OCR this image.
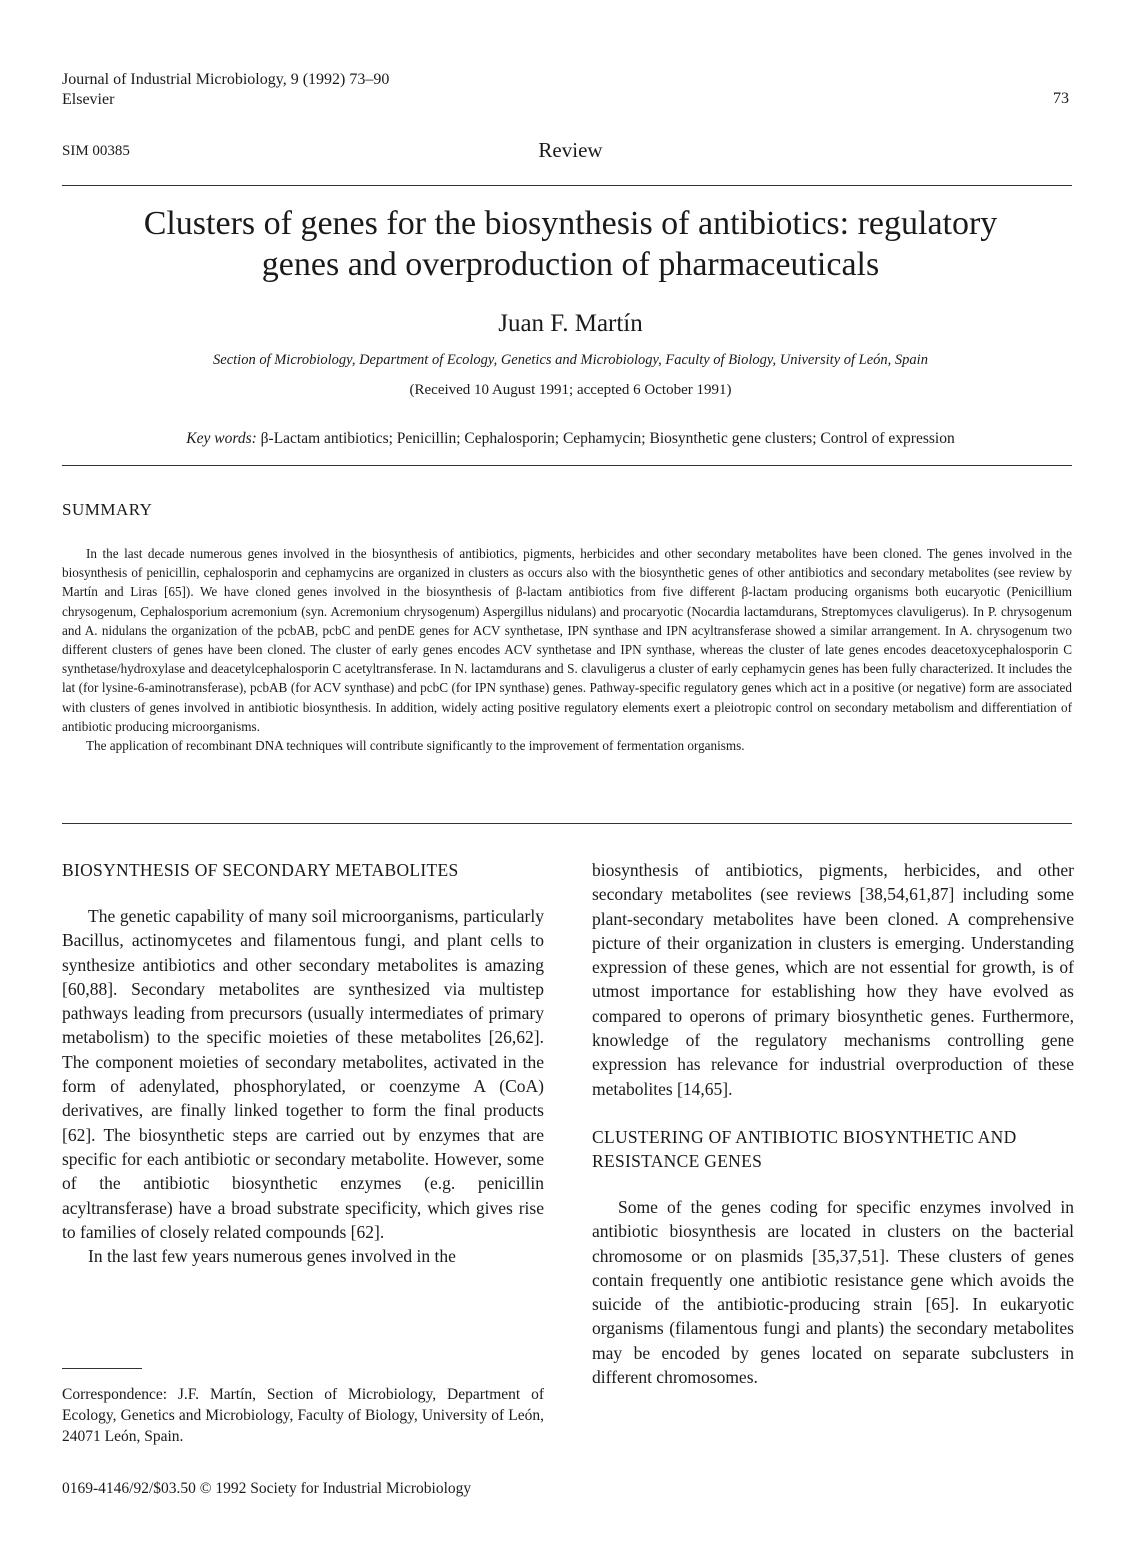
Journal of Industrial Microbiology, 9 (1992) 73–90
Elsevier	73
SIM 00385	Review
Clusters of genes for the biosynthesis of antibiotics: regulatory
genes and overproduction of pharmaceuticals
Juan F. Martín
Section of Microbiology, Department of Ecology, Genetics and Microbiology, Faculty of Biology, University of León, Spain
(Received 10 August 1991; accepted 6 October 1991)
Key words: β-Lactam antibiotics; Penicillin; Cephalosporin; Cephamycin; Biosynthetic gene clusters; Control of expression
SUMMARY

In the last decade numerous genes involved in the biosynthesis of antibiotics, pigments, herbicides and other secondary metabolites have been cloned. The genes involved in the biosynthesis of penicillin, cephalosporin and cephamycins are organized in clusters as occurs also with the biosynthetic genes of other antibiotics and secondary metabolites (see review by Martín and Liras [65]). We have cloned genes involved in the biosynthesis of β-lactam antibiotics from five different β-lactam producing organisms both eucaryotic (Penicillium chrysogenum, Cephalosporium acremonium (syn. Acremonium chrysogenum) Aspergillus nidulans) and procaryotic (Nocardia lactamdurans, Streptomyces clavuligerus). In P. chrysogenum and A. nidulans the organization of the pcbAB, pcbC and penDE genes for ACV synthetase, IPN synthase and IPN acyltransferase showed a similar arrangement. In A. chrysogenum two different clusters of genes have been cloned. The cluster of early genes encodes ACV synthetase and IPN synthase, whereas the cluster of late genes encodes deacetoxycephalosporin C synthetase/hydroxylase and deacetylcephalosporin C acetyltransferase. In N. lactamdurans and S. clavuligerus a cluster of early cephamycin genes has been fully characterized. It includes the lat (for lysine-6-aminotransferase), pcbAB (for ACV synthase) and pcbC (for IPN synthase) genes. Pathway-specific regulatory genes which act in a positive (or negative) form are associated with clusters of genes involved in antibiotic biosynthesis. In addition, widely acting positive regulatory elements exert a pleiotropic control on secondary metabolism and differentiation of antibiotic producing microorganisms.

The application of recombinant DNA techniques will contribute significantly to the improvement of fermentation organisms.

BIOSYNTHESIS OF SECONDARY METABOLITES

The genetic capability of many soil microorganisms, particularly Bacillus, actinomycetes and filamentous fungi, and plant cells to synthesize antibiotics and other secondary metabolites is amazing [60,88]. Secondary metabolites are synthesized via multistep pathways leading from precursors (usually intermediates of primary metabolism) to the specific moieties of these metabolites [26,62]. The component moieties of secondary metabolites, activated in the form of adenylated, phosphorylated, or coenzyme A (CoA) derivatives, are finally linked together to form the final products [62]. The biosynthetic steps are carried out by enzymes that are specific for each antibiotic or secondary metabolite. However, some of the antibiotic biosynthetic enzymes (e.g. penicillin acyltransferase) have a broad substrate specificity, which gives rise to families of closely related compounds [62].

In the last few years numerous genes involved in the

biosynthesis of antibiotics, pigments, herbicides, and other secondary metabolites (see reviews [38,54,61,87] including some plant-secondary metabolites have been cloned. A comprehensive picture of their organization in clusters is emerging. Understanding expression of these genes, which are not essential for growth, is of utmost importance for establishing how they have evolved as compared to operons of primary biosynthetic genes. Furthermore, knowledge of the regulatory mechanisms controlling gene expression has relevance for industrial overproduction of these metabolites [14,65].

CLUSTERING OF ANTIBIOTIC BIOSYNTHETIC AND RESISTANCE GENES

Some of the genes coding for specific enzymes involved in antibiotic biosynthesis are located in clusters on the bacterial chromosome or on plasmids [35,37,51]. These clusters of genes contain frequently one antibiotic resistance gene which avoids the suicide of the antibiotic-producing strain [65]. In eukaryotic organisms (filamentous fungi and plants) the secondary metabolites may be encoded by genes located on separate subclusters in different chromosomes.

Correspondence: J.F. Martín, Section of Microbiology, Department of Ecology, Genetics and Microbiology, Faculty of Biology, University of León, 24071 León, Spain.
0169-4146/92/$03.50 © 1992 Society for Industrial Microbiology
